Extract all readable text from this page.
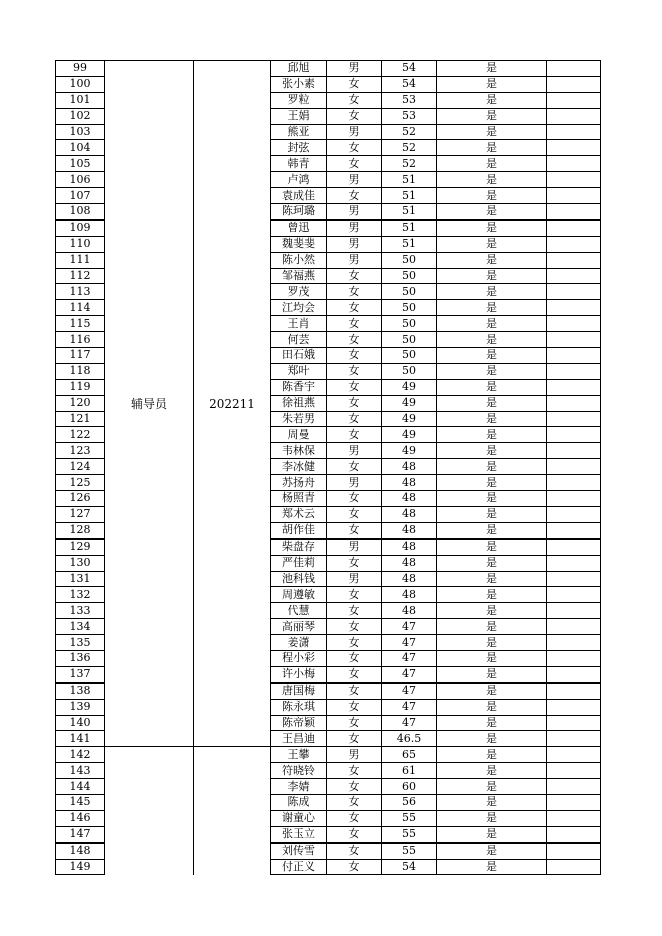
99	辅导员	202211	邱旭	男	54	是	
100			张小素	女	54	是	
101			罗粒	女	53	是	
102			王娟	女	53	是	
103			熊亚	男	52	是	
104			封弦	女	52	是	
105			韩青	女	52	是	
106			卢鸿	男	51	是	
107			袁成佳	女	51	是	
108			陈珂璐	男	51	是	
109			曾迅	男	51	是	
110			魏斐斐	男	51	是	
111			陈小然	男	50	是	
112			邹福燕	女	50	是	
113			罗茂	女	50	是	
114			江均会	女	50	是	
115			王肖	女	50	是	
116			何芸	女	50	是	
117			田石娥	女	50	是	
118			郑叶	女	50	是	
119			陈香宇	女	49	是	
120			徐祖燕	女	49	是	
121			朱若男	女	49	是	
122			周曼	女	49	是	
123			韦林保	男	49	是	
124			李冰健	女	48	是	
125			苏扬舟	男	48	是	
126			杨照青	女	48	是	
127			郑术云	女	48	是	
128			胡作佳	女	48	是	
129			柴盘存	男	48	是	
130			严佳莉	女	48	是	
131			池科钱	男	48	是	
132			周遵敏	女	48	是	
133			代慧	女	48	是	
134			高丽琴	女	47	是	
135			姜潇	女	47	是	
136			程小彩	女	47	是	
137			许小梅	女	47	是	
138			唐国梅	女	47	是	
139			陈永琪	女	47	是	
140			陈帝颖	女	47	是	
141			王昌迪	女	46.5	是	
142			王攀	男	65	是	
143			符晓铃	女	61	是	
144			李婧	女	60	是	
145			陈成	女	56	是	
146			谢童心	女	55	是	
147			张玉立	女	55	是	
148			刘传雪	女	55	是	
149			付正义	女	54	是	
